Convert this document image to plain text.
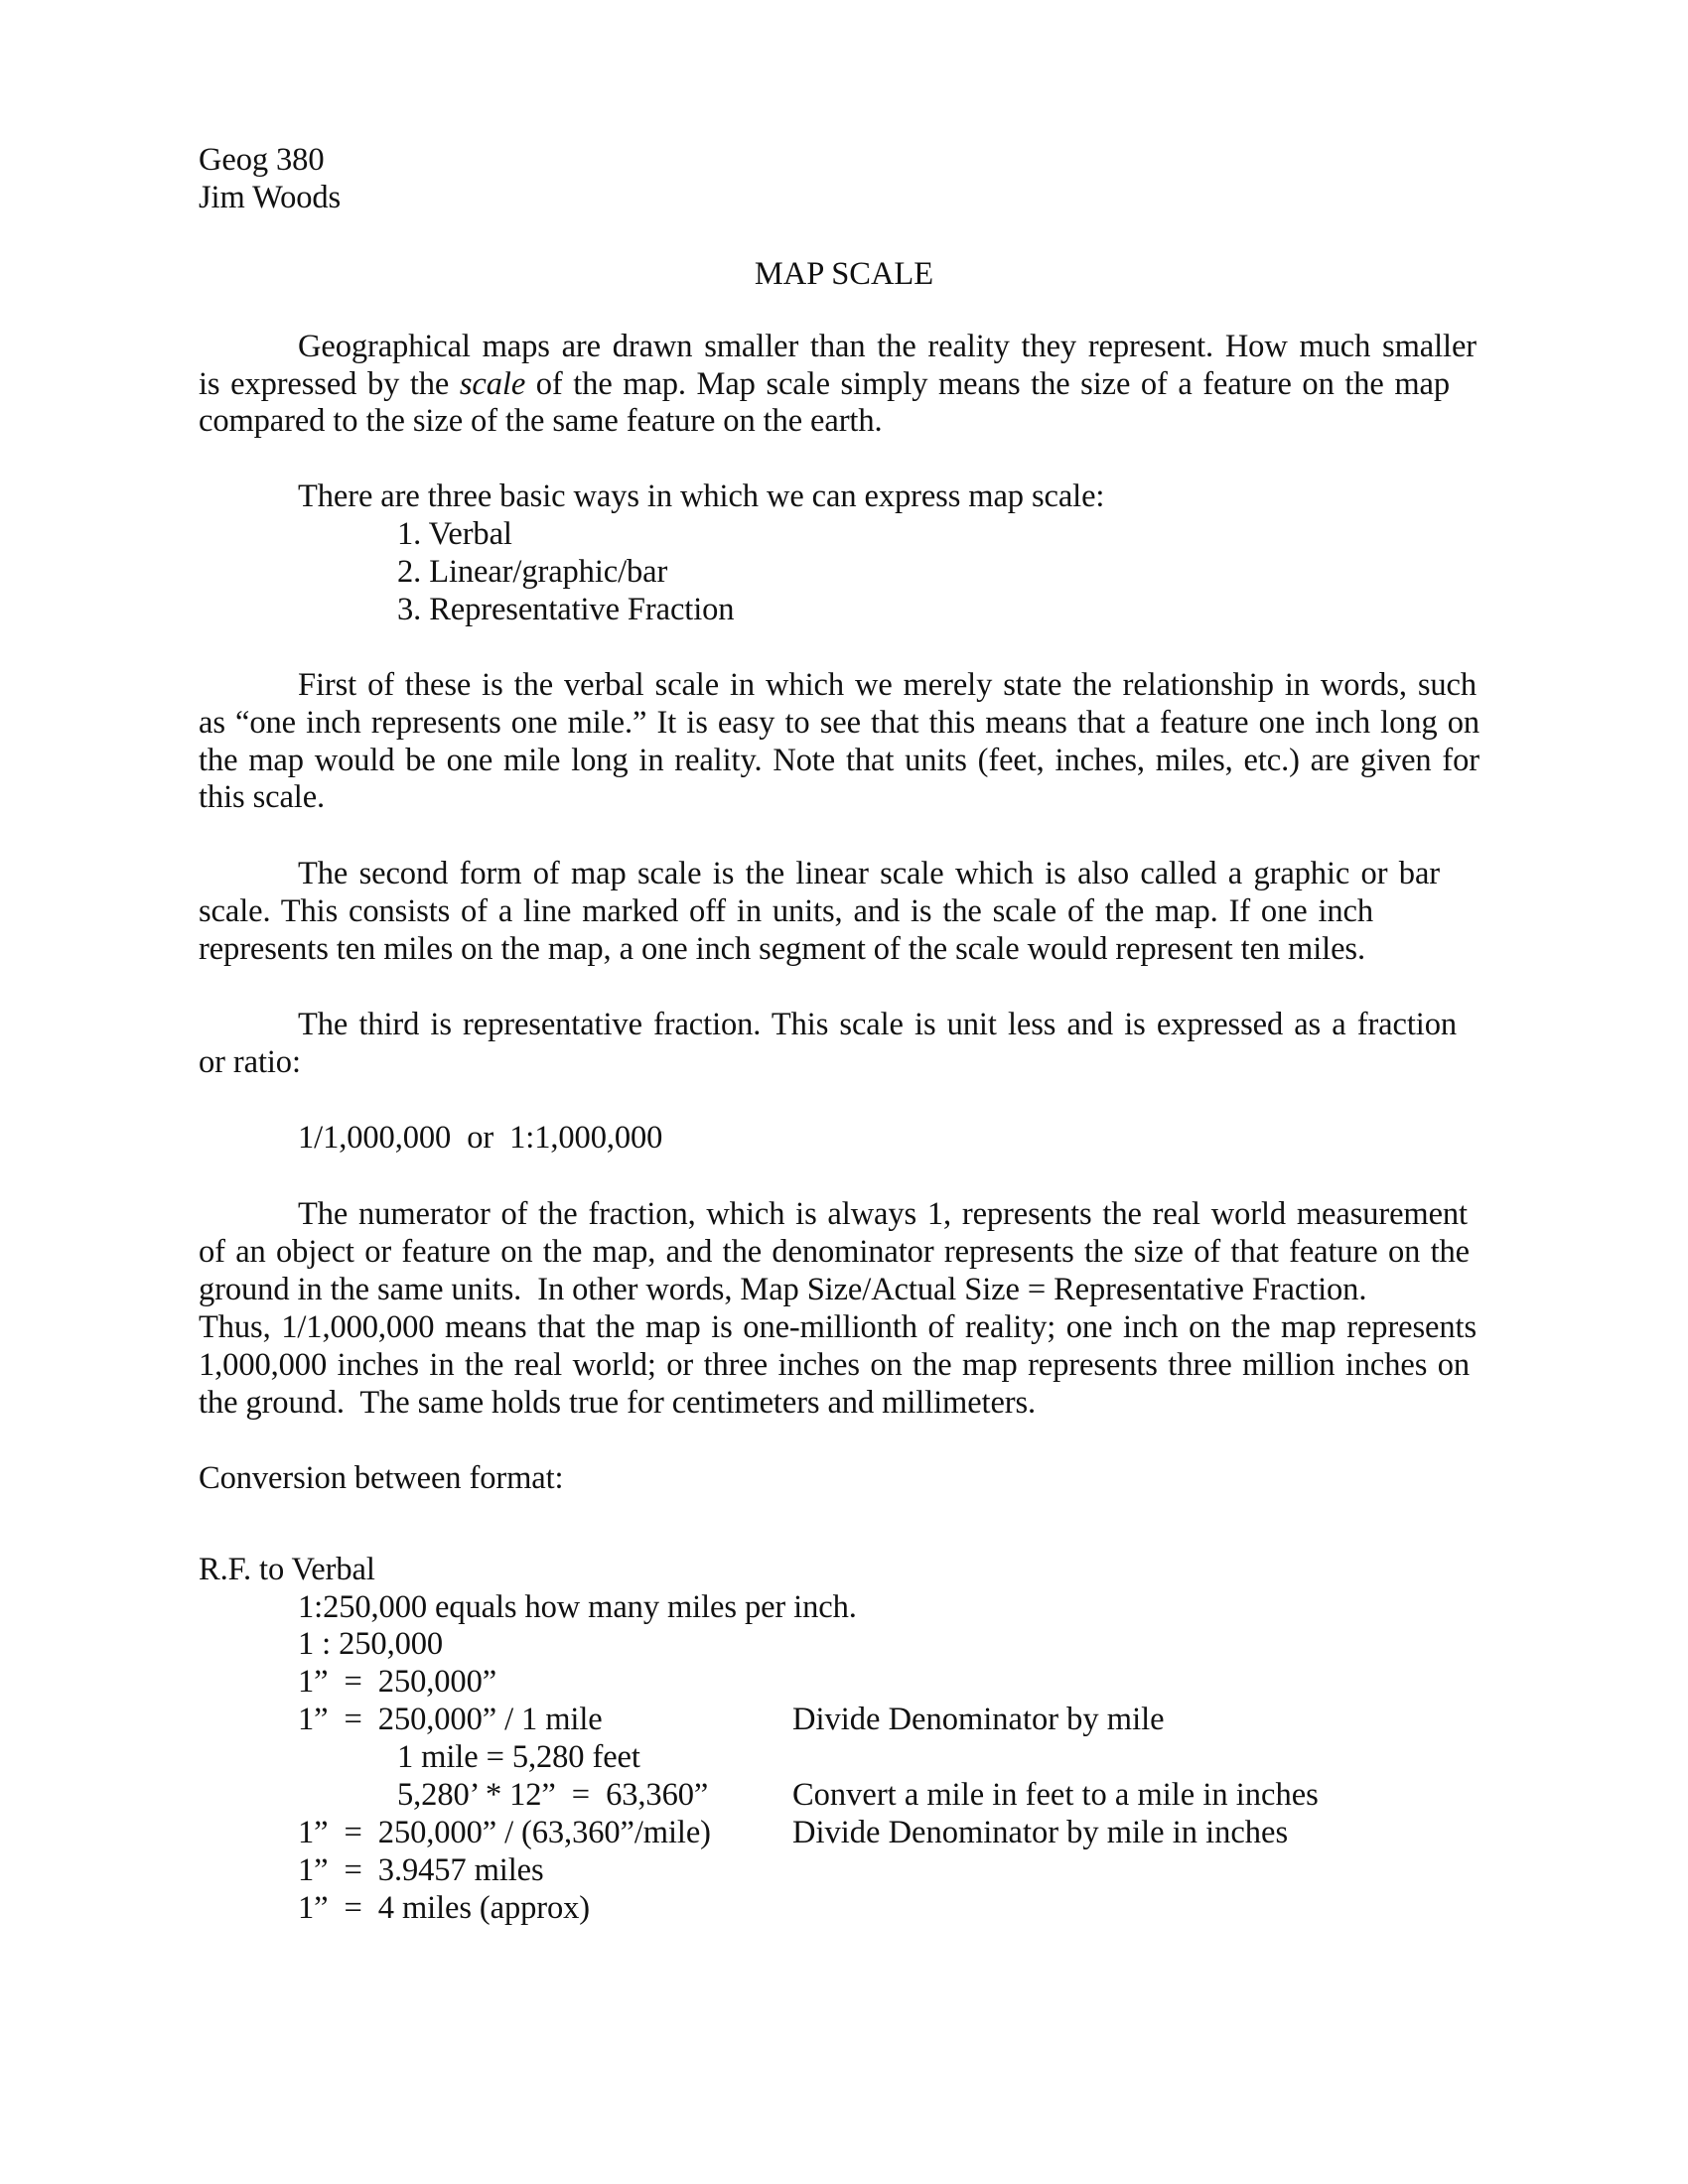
Geog 380
Jim Woods
MAP SCALE
Geographical maps are drawn smaller than the reality they represent. How much smaller
is expressed by the scale of the map. Map scale simply means the size of a feature on the map
compared to the size of the same feature on the earth.
There are three basic ways in which we can express map scale:
1. Verbal
2. Linear/graphic/bar
3. Representative Fraction
First of these is the verbal scale in which we merely state the relationship in words, such
as “one inch represents one mile.” It is easy to see that this means that a feature one inch long on
the map would be one mile long in reality. Note that units (feet, inches, miles, etc.) are given for
this scale.
The second form of map scale is the linear scale which is also called a graphic or bar
scale. This consists of a line marked off in units, and is the scale of the map. If one inch
represents ten miles on the map, a one inch segment of the scale would represent ten miles.
The third is representative fraction. This scale is unit less and is expressed as a fraction
or ratio:
1/1,000,000  or  1:1,000,000
The numerator of the fraction, which is always 1, represents the real world measurement
of an object or feature on the map, and the denominator represents the size of that feature on the
ground in the same units.  In other words, Map Size/Actual Size = Representative Fraction.
Thus, 1/1,000,000 means that the map is one-millionth of reality; one inch on the map represents
1,000,000 inches in the real world; or three inches on the map represents three million inches on
the ground.  The same holds true for centimeters and millimeters.
Conversion between format:
R.F. to Verbal
1:250,000 equals how many miles per inch.
1 : 250,000
1”  =  250,000”
1”  =  250,000” / 1 mile	Divide Denominator by mile
1 mile = 5,280 feet
5,280’ * 12”  =  63,360”	Convert a mile in feet to a mile in inches
1”  =  250,000” / (63,360”/mile)	Divide Denominator by mile in inches
1”  =  3.9457 miles
1”  =  4 miles (approx)
